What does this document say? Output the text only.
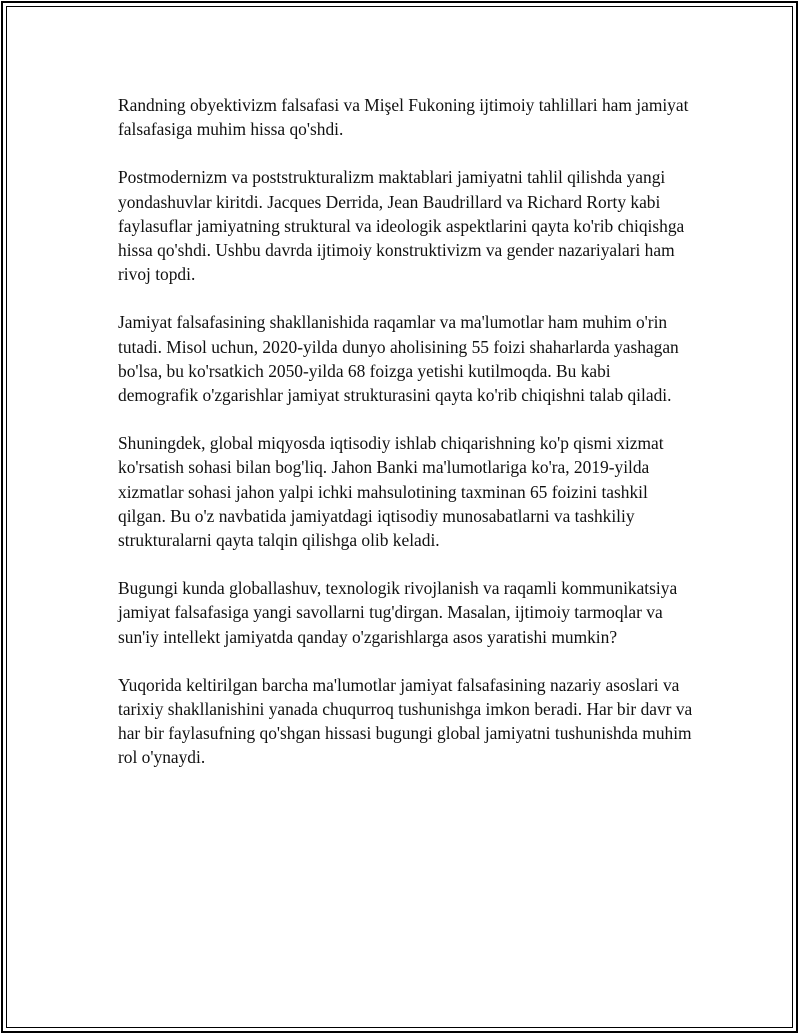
Randning obyektivizm falsafasi va Mişel Fukoning ijtimoiy tahlillari ham jamiyat falsafasiga muhim hissa qo'shdi.

Postmodernizm va poststrukturalizm maktablari jamiyatni tahlil qilishda yangi yondashuvlar kiritdi. Jacques Derrida, Jean Baudrillard va Richard Rorty kabi faylasuflar jamiyatning struktural va ideologik aspektlarini qayta ko'rib chiqishga hissa qo'shdi. Ushbu davrda ijtimoiy konstruktivizm va gender nazariyalari ham rivoj topdi.

Jamiyat falsafasining shakllanishida raqamlar va ma'lumotlar ham muhim o'rin tutadi. Misol uchun, 2020-yilda dunyo aholisining 55 foizi shaharlarda yashagan bo'lsa, bu ko'rsatkich 2050-yilda 68 foizga yetishi kutilmoqda. Bu kabi demografik o'zgarishlar jamiyat strukturasini qayta ko'rib chiqishni talab qiladi.

Shuningdek, global miqyosda iqtisodiy ishlab chiqarishning ko'p qismi xizmat ko'rsatish sohasi bilan bog'liq. Jahon Banki ma'lumotlariga ko'ra, 2019-yilda xizmatlar sohasi jahon yalpi ichki mahsulotining taxminan 65 foizini tashkil qilgan. Bu o'z navbatida jamiyatdagi iqtisodiy munosabatlarni va tashkiliy strukturalarni qayta talqin qilishga olib keladi.

Bugungi kunda globallashuv, texnologik rivojlanish va raqamli kommunikatsiya jamiyat falsafasiga yangi savollarni tug'dirgan. Masalan, ijtimoiy tarmoqlar va sun'iy intellekt jamiyatda qanday o'zgarishlarga asos yaratishi mumkin?

Yuqorida keltirilgan barcha ma'lumotlar jamiyat falsafasining nazariy asoslari va tarixiy shakllanishini yanada chuqurroq tushunishga imkon beradi. Har bir davr va har bir faylasufning qo'shgan hissasi bugungi global jamiyatni tushunishda muhim rol o'ynaydi.
